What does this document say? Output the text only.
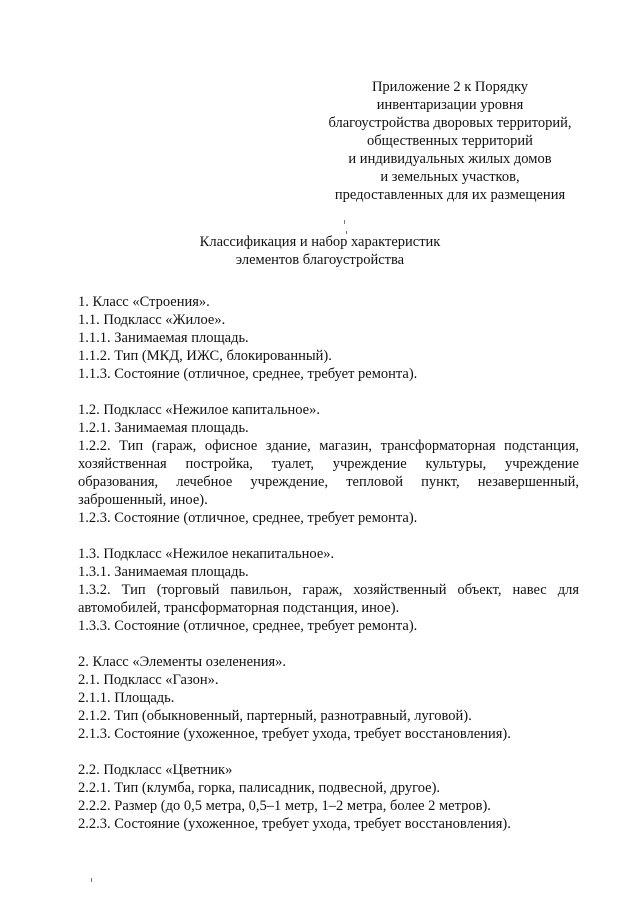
Приложение 2 к Порядку
инвентаризации уровня
благоустройства дворовых территорий,
общественных территорий
и индивидуальных жилых домов
и земельных участков,
предоставленных для их размещения
Классификация и набор характеристик
элементов благоустройства
1. Класс «Строения».
1.1. Подкласс «Жилое».
1.1.1. Занимаемая площадь.
1.1.2. Тип (МКД, ИЖС, блокированный).
1.1.3. Состояние (отличное, среднее, требует ремонта).
1.2. Подкласс «Нежилое капитальное».
1.2.1. Занимаемая площадь.
1.2.2. Тип (гараж, офисное здание, магазин, трансформаторная подстанция,
хозяйственная постройка, туалет, учреждение культуры, учреждение
образования, лечебное учреждение, тепловой пункт, незавершенный,
заброшенный, иное).
1.2.3. Состояние (отличное, среднее, требует ремонта).
1.3. Подкласс «Нежилое некапитальное».
1.3.1. Занимаемая площадь.
1.3.2. Тип (торговый павильон, гараж, хозяйственный объект, навес для
автомобилей, трансформаторная подстанция, иное).
1.3.3. Состояние (отличное, среднее, требует ремонта).
2. Класс «Элементы озеленения».
2.1. Подкласс «Газон».
2.1.1. Площадь.
2.1.2. Тип (обыкновенный, партерный, разнотравный, луговой).
2.1.3. Состояние (ухоженное, требует ухода, требует восстановления).
2.2. Подкласс «Цветник»
2.2.1. Тип (клумба, горка, палисадник, подвесной, другое).
2.2.2. Размер (до 0,5 метра, 0,5–1 метр, 1–2 метра, более 2 метров).
2.2.3. Состояние (ухоженное, требует ухода, требует восстановления).
